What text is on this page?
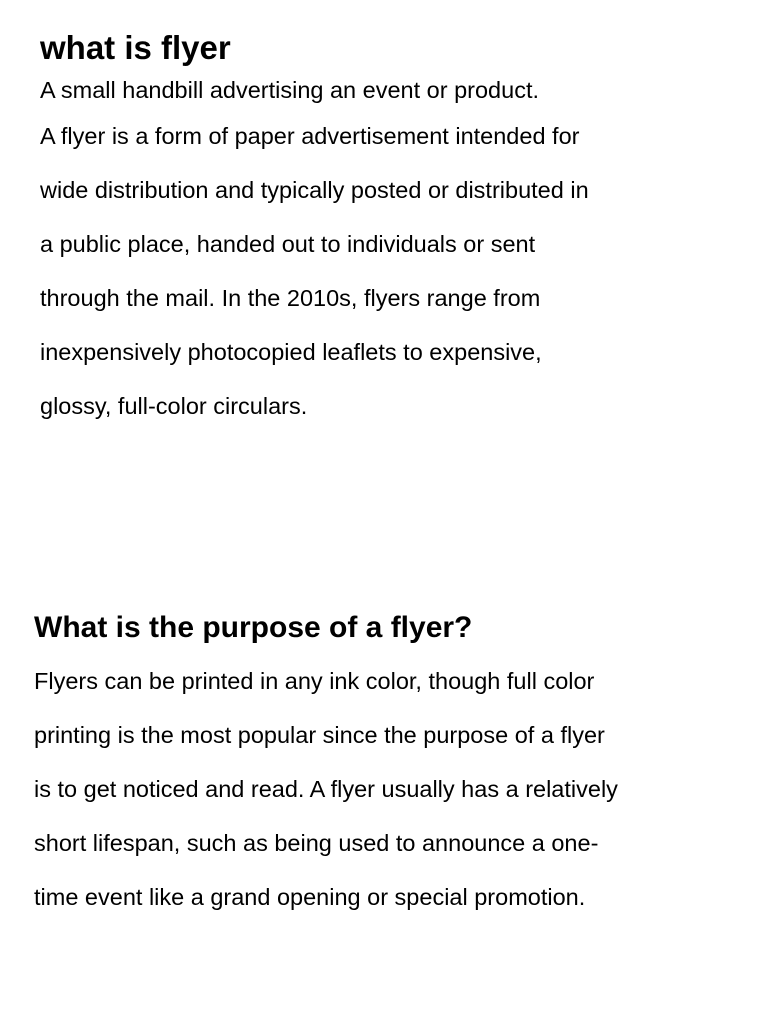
what is flyer
A small handbill advertising an event or product.
A flyer is a form of paper advertisement intended for
wide distribution and typically posted or distributed in
a public place, handed out to individuals or sent
through the mail. In the 2010s, flyers range from
inexpensively photocopied leaflets to expensive,
glossy, full-color circulars.
What is the purpose of a flyer?
Flyers can be printed in any ink color, though full color
printing is the most popular since the purpose of a flyer
is to get noticed and read. A flyer usually has a relatively
short lifespan, such as being used to announce a one-
time event like a grand opening or special promotion.
